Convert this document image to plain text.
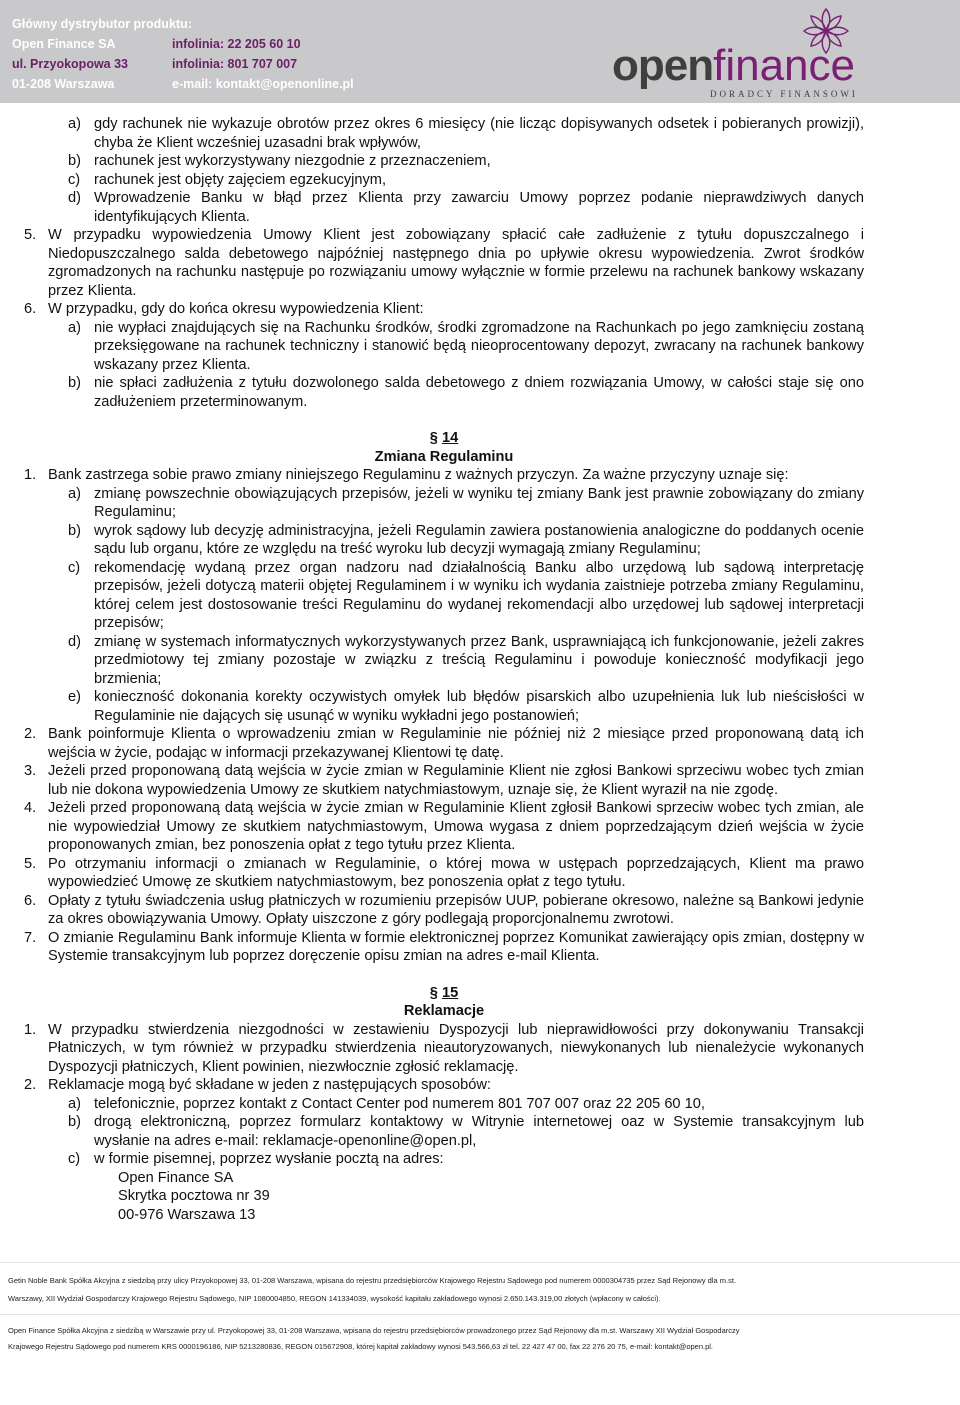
Główny dystrybutor produktu:
Open Finance SA	infolinia: 22 205 60 10
ul. Przyokopowa 33	infolinia: 801 707 007
01-208 Warszawa	e-mail: kontakt@openonline.pl	openfinance
DORADCY FINANSOWI
a) gdy rachunek nie wykazuje obrotów przez okres 6 miesięcy (nie licząc dopisywanych odsetek i pobieranych prowizji), chyba że Klient wcześniej uzasadni brak wpływów,
b) rachunek jest wykorzystywany niezgodnie z przeznaczeniem,
c) rachunek jest objęty zajęciem egzekucyjnym,
d) Wprowadzenie Banku w błąd przez Klienta przy zawarciu Umowy poprzez podanie nieprawdziwych danych identyfikujących Klienta.
5. W przypadku wypowiedzenia Umowy Klient jest zobowiązany spłacić całe zadłużenie z tytułu dopuszczalnego i Niedopuszczalnego salda debetowego najpóźniej następnego dnia po upływie okresu wypowiedzenia. Zwrot środków zgromadzonych na rachunku następuje po rozwiązaniu umowy wyłącznie w formie przelewu na rachunek bankowy wskazany przez Klienta.
6. W przypadku, gdy do końca okresu wypowiedzenia Klient:
a) nie wypłaci znajdujących się na Rachunku środków, środki zgromadzone na Rachunkach po jego zamknięciu zostaną przeksięgowane na rachunek techniczny i stanowić będą nieoprocentowany depozyt, zwracany na rachunek bankowy wskazany przez Klienta.
b) nie spłaci zadłużenia z tytułu dozwolonego salda debetowego z dniem rozwiązania Umowy, w całości staje się ono zadłużeniem przeterminowanym.
§ 14
Zmiana Regulaminu
1. Bank zastrzega sobie prawo zmiany niniejszego Regulaminu z ważnych przyczyn. Za ważne przyczyny uznaje się:
a) zmianę powszechnie obowiązujących przepisów, jeżeli w wyniku tej zmiany Bank jest prawnie zobowiązany do zmiany Regulaminu;
b) wyrok sądowy lub decyzję administracyjna, jeżeli Regulamin zawiera postanowienia analogiczne do poddanych ocenie sądu lub organu, które ze względu na treść wyroku lub decyzji wymagają zmiany Regulaminu;
c) rekomendację wydaną przez organ nadzoru nad działalnością Banku albo urzędową lub sądową interpretację przepisów, jeżeli dotyczą materii objętej Regulaminem i w wyniku ich wydania zaistnieje potrzeba zmiany Regulaminu, której celem jest dostosowanie treści Regulaminu do wydanej rekomendacji albo urzędowej lub sądowej interpretacji przepisów;
d) zmianę w systemach informatycznych wykorzystywanych przez Bank, usprawniającą ich funkcjonowanie, jeżeli zakres przedmiotowy tej zmiany pozostaje w związku z treścią Regulaminu i powoduje konieczność modyfikacji jego brzmienia;
e) konieczność dokonania korekty oczywistych omyłek lub błędów pisarskich albo uzupełnienia luk lub nieścisłości w Regulaminie nie dających się usunąć w wyniku wykładni jego postanowień;
2. Bank poinformuje Klienta o wprowadzeniu zmian w Regulaminie nie później niż 2 miesiące przed proponowaną datą ich wejścia w życie, podając w informacji przekazywanej Klientowi tę datę.
3. Jeżeli przed proponowaną datą wejścia w życie zmian w Regulaminie Klient nie zgłosi Bankowi sprzeciwu wobec tych zmian lub nie dokona wypowiedzenia Umowy ze skutkiem natychmiastowym, uznaje się, że Klient wyraził na nie zgodę.
4. Jeżeli przed proponowaną datą wejścia w życie zmian w Regulaminie Klient zgłosił Bankowi sprzeciw wobec tych zmian, ale nie wypowiedział Umowy ze skutkiem natychmiastowym, Umowa wygasa z dniem poprzedzającym dzień wejścia w życie proponowanych zmian, bez ponoszenia opłat z tego tytułu przez Klienta.
5. Po otrzymaniu informacji o zmianach w Regulaminie, o której mowa w ustępach poprzedzających, Klient ma prawo wypowiedzieć Umowę ze skutkiem natychmiastowym, bez ponoszenia opłat z tego tytułu.
6. Opłaty z tytułu świadczenia usług płatniczych w rozumieniu przepisów UUP, pobierane okresowo, należne są Bankowi jedynie za okres obowiązywania Umowy. Opłaty uiszczone z góry podlegają proporcjonalnemu zwrotowi.
7. O zmianie Regulaminu Bank informuje Klienta w formie elektronicznej poprzez Komunikat zawierający opis zmian, dostępny w Systemie transakcyjnym lub poprzez doręczenie opisu zmian na adres e-mail Klienta.
§ 15
Reklamacje
1. W przypadku stwierdzenia niezgodności w zestawieniu Dyspozycji lub nieprawidłowości przy dokonywaniu Transakcji Płatniczych, w tym również w przypadku stwierdzenia nieautoryzowanych, niewykonanych lub nienależycie wykonanych Dyspozycji płatniczych, Klient powinien, niezwłocznie zgłosić reklamację.
2. Reklamacje mogą być składane w jeden z następujących sposobów:
a) telefonicznie, poprzez kontakt z Contact Center pod numerem 801 707 007 oraz 22 205 60 10,
b) drogą elektroniczną, poprzez formularz kontaktowy w Witrynie internetowej oaz w Systemie transakcyjnym lub wysłanie na adres e-mail: reklamacje-openonline@open.pl,
c) w formie pisemnej, poprzez wysłanie pocztą na adres:
Open Finance SA
Skrytka pocztowa nr 39
00-976 Warszawa 13
Getin Noble Bank Spółka Akcyjna z siedzibą przy ulicy Przyokopowej 33, 01-208 Warszawa, wpisana do rejestru przedsiębiorców Krajowego Rejestru Sądowego pod numerem 0000304735 przez Sąd Rejonowy dla m.st.
Warszawy, XII Wydział Gospodarczy Krajowego Rejestru Sądowego, NIP 1080004850, REGON 141334039, wysokość kapitału zakładowego wynosi 2.650.143.319,00 złotych (wpłacony w całości).
Open Finance Spółka Akcyjna z siedzibą w Warszawie przy ul. Przyokopowej 33, 01-208 Warszawa, wpisana do rejestru przedsiębiorców prowadzonego przez Sąd Rejonowy dla m.st. Warszawy XII Wydział Gospodarczy
Krajowego Rejestru Sądowego pod numerem KRS 0000196186, NIP 5213280836, REGON 015672908, której kapitał zakładowy wynosi 543.566,63 zł tel. 22 427 47 00, fax 22 276 20 75, e-mail: kontakt@open.pl.
